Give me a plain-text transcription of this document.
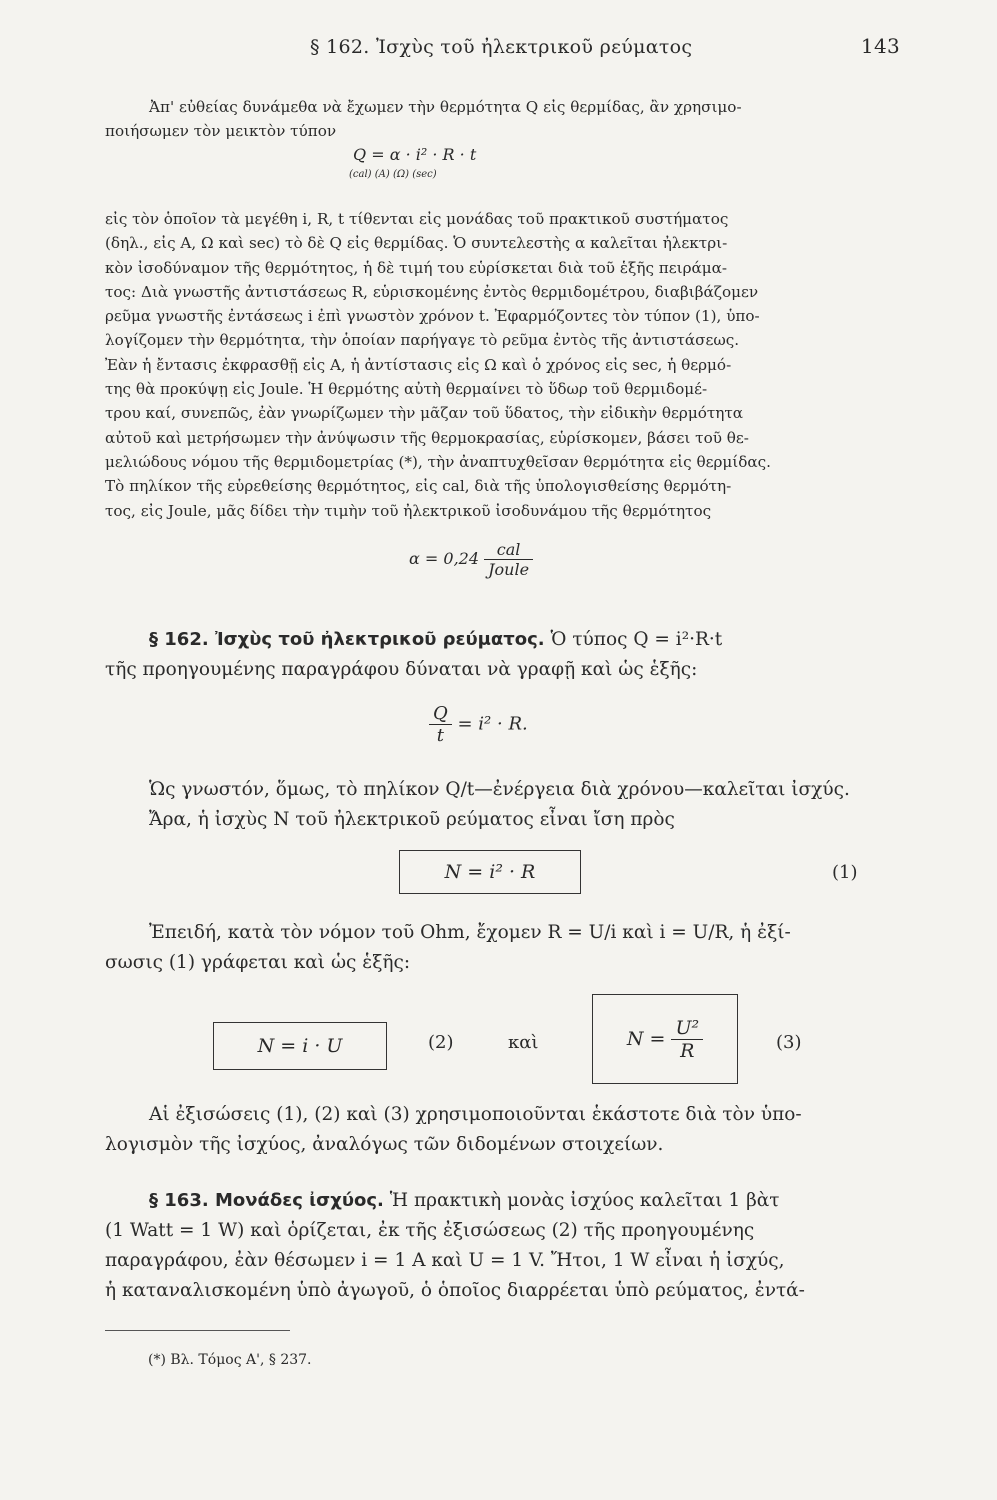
§ 162. Ἰσχὺς τοῦ ἠλεκτρικοῦ ρεύματος	143
Ἀπ' εὐθείας δυνάμεθα νὰ ἔχωμεν τὴν θερμότητα Q εἰς θερμίδας, ἂν χρησιμο-
ποιήσωμεν τὸν μεικτὸν τύπον
Q = α · i² · R · t
(cal) (A) (Ω) (sec)
εἰς τὸν ὁποῖον τὰ μεγέθη i, R, t τίθενται εἰς μονάδας τοῦ πρακτικοῦ συστήματος
(δηλ., εἰς A, Ω καὶ sec) τὸ δὲ Q εἰς θερμίδας. Ὁ συντελεστὴς α καλεῖται ἠλεκτρι-
κὸν ἰσοδύναμον τῆς θερμότητος, ἡ δὲ τιμή του εὑρίσκεται διὰ τοῦ ἑξῆς πειράμα-
τος: Διὰ γνωστῆς ἀντιστάσεως R, εὑρισκομένης ἐντὸς θερμιδομέτρου, διαβιβάζομεν
ρεῦμα γνωστῆς ἐντάσεως i ἐπὶ γνωστὸν χρόνον t. Ἐφαρμόζοντες τὸν τύπον (1), ὑπο-
λογίζομεν τὴν θερμότητα, τὴν ὁποίαν παρήγαγε τὸ ρεῦμα ἐντὸς τῆς ἀντιστάσεως.
Ἐὰν ἡ ἔντασις ἐκφρασθῇ εἰς A, ἡ ἀντίστασις εἰς Ω καὶ ὁ χρόνος εἰς sec, ἡ θερμό-
της θὰ προκύψῃ εἰς Joule. Ἡ θερμότης αὐτὴ θερμαίνει τὸ ὕδωρ τοῦ θερμιδομέ-
τρου καί, συνεπῶς, ἐὰν γνωρίζωμεν τὴν μᾶζαν τοῦ ὕδατος, τὴν εἰδικὴν θερμότητα
αὐτοῦ καὶ μετρήσωμεν τὴν ἀνύψωσιν τῆς θερμοκρασίας, εὑρίσκομεν, βάσει τοῦ θε-
μελιώδους νόμου τῆς θερμιδομετρίας (*), τὴν ἀναπτυχθεῖσαν θερμότητα εἰς θερμίδας.
Τὸ πηλίκον τῆς εὑρεθείσης θερμότητος, εἰς cal, διὰ τῆς ὑπολογισθείσης θερμότη-
τος, εἰς Joule, μᾶς δίδει τὴν τιμὴν τοῦ ἠλεκτρικοῦ ἰσοδυνάμου τῆς θερμότητος
$\alpha = 0,24 \frac{\text{cal}}{\text{Joule}}$
§ 162. Ἰσχὺς τοῦ ἠλεκτρικοῦ ρεύματος. Ὁ τύπος Q = i²·R·t
τῆς προηγουμένης παραγράφου δύναται νὰ γραφῇ καὶ ὡς ἑξῆς:
$\frac{Q}{t} = i^2 \cdot R$.
Ὡς γνωστόν, ὅμως, τὸ πηλίκον Q/t—ἐνέργεια διὰ χρόνου—καλεῖται ἰσχύς.
Ἄρα, ἡ ἰσχὺς N τοῦ ἠλεκτρικοῦ ρεύματος εἶναι ἴση πρὸς
N = i² · R	(1)
Ἐπειδή, κατὰ τὸν νόμον τοῦ Ohm, ἔχομεν R = U/i καὶ i = U/R, ἡ ἐξί-
σωσις (1) γράφεται καὶ ὡς ἑξῆς:
N = i · U	(2)	καὶ	$N = \frac{\text{U²}}{R}$	(3)
Αἱ ἐξισώσεις (1), (2) καὶ (3) χρησιμοποιοῦνται ἑκάστοτε διὰ τὸν ὑπο-
λογισμὸν τῆς ἰσχύος, ἀναλόγως τῶν διδομένων στοιχείων.
§ 163. Μονάδες ἰσχύος. Ἡ πρακτικὴ μονὰς ἰσχύος καλεῖται 1 βὰτ
(1 Watt = 1 W) καὶ ὁρίζεται, ἐκ τῆς ἐξισώσεως (2) τῆς προηγουμένης
παραγράφου, ἐὰν θέσωμεν i = 1 A καὶ U = 1 V. Ἤτοι, 1 W εἶναι ἡ ἰσχύς,
ἡ καταναλισκομένη ὑπὸ ἀγωγοῦ, ὁ ὁποῖος διαρρέεται ὑπὸ ρεύματος, ἐντά-
(*) Βλ. Τόμος Α', § 237.
